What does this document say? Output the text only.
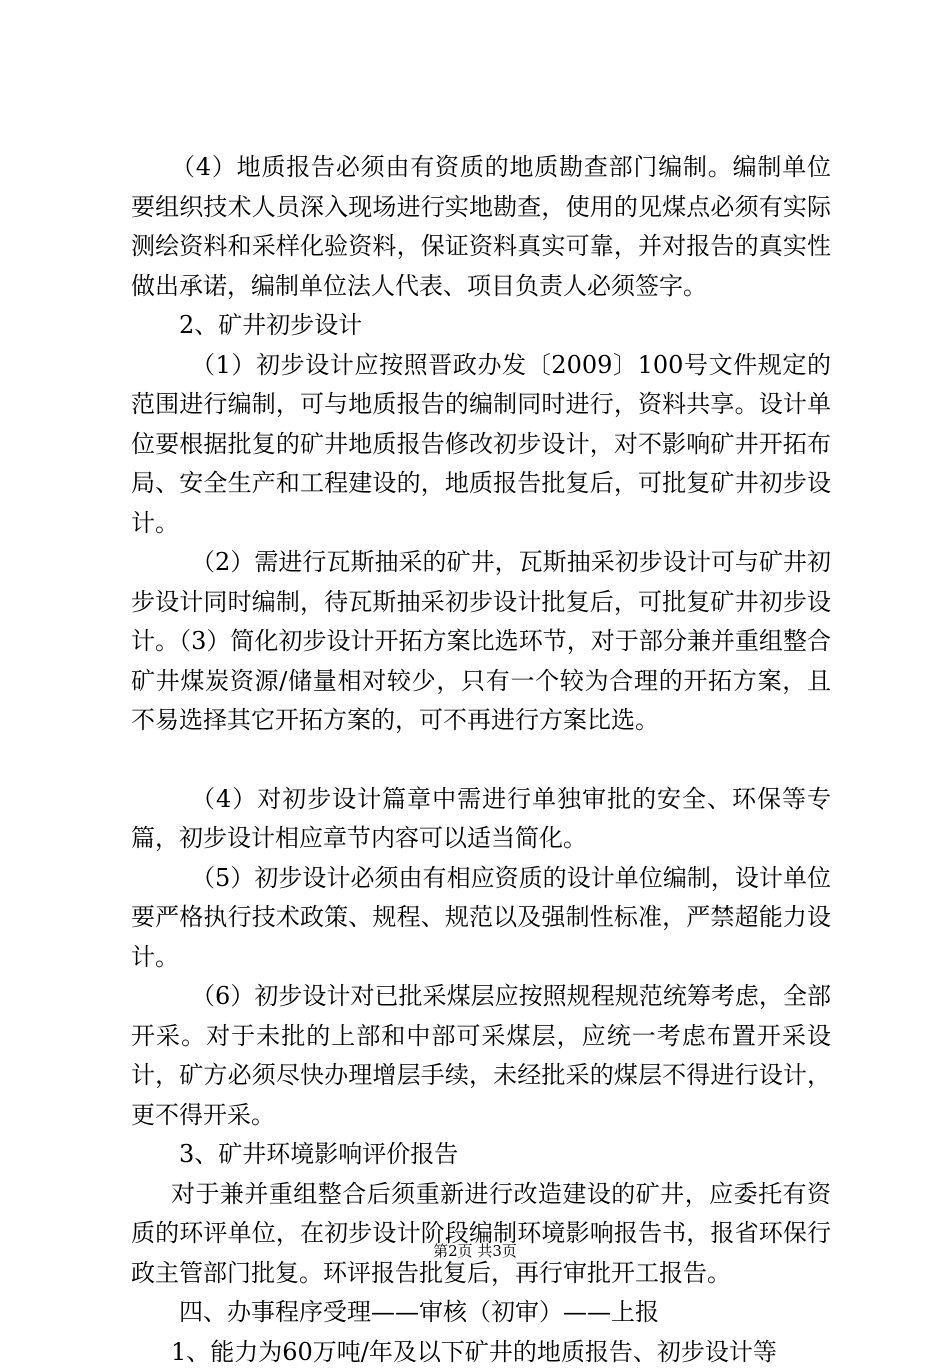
（4）地质报告必须由有资质的地质勘查部门编制。编制单位要组织技术人员深入现场进行实地勘查，使用的见煤点必须有实际测绘资料和采样化验资料，保证资料真实可靠，并对报告的真实性做出承诺，编制单位法人代表、项目负责人必须签字。

2、矿井初步设计

（1）初步设计应按照晋政办发〔2009〕100号文件规定的范围进行编制，可与地质报告的编制同时进行，资料共享。设计单位要根据批复的矿井地质报告修改初步设计，对不影响矿井开拓布局、安全生产和工程建设的，地质报告批复后，可批复矿井初步设计。

（2）需进行瓦斯抽采的矿井，瓦斯抽采初步设计可与矿井初步设计同时编制，待瓦斯抽采初步设计批复后，可批复矿井初步设计。（3）简化初步设计开拓方案比选环节，对于部分兼并重组整合矿井煤炭资源/储量相对较少，只有一个较为合理的开拓方案，且不易选择其它开拓方案的，可不再进行方案比选。

（4）对初步设计篇章中需进行单独审批的安全、环保等专篇，初步设计相应章节内容可以适当简化。

（5）初步设计必须由有相应资质的设计单位编制，设计单位要严格执行技术政策、规程、规范以及强制性标准，严禁超能力设计。

（6）初步设计对已批采煤层应按照规程规范统筹考虑，全部开采。对于未批的上部和中部可采煤层，应统一考虑布置开采设计，矿方必须尽快办理增层手续，未经批采的煤层不得进行设计，更不得开采。

3、矿井环境影响评价报告

对于兼并重组整合后须重新进行改造建设的矿井，应委托有资质的环评单位，在初步设计阶段编制环境影响报告书，报省环保行政主管部门批复。环评报告批复后，再行审批开工报告。

四、办事程序受理——审核（初审）——上报

1、能力为60万吨/年及以下矿井的地质报告、初步设计等

第2页 共3页
